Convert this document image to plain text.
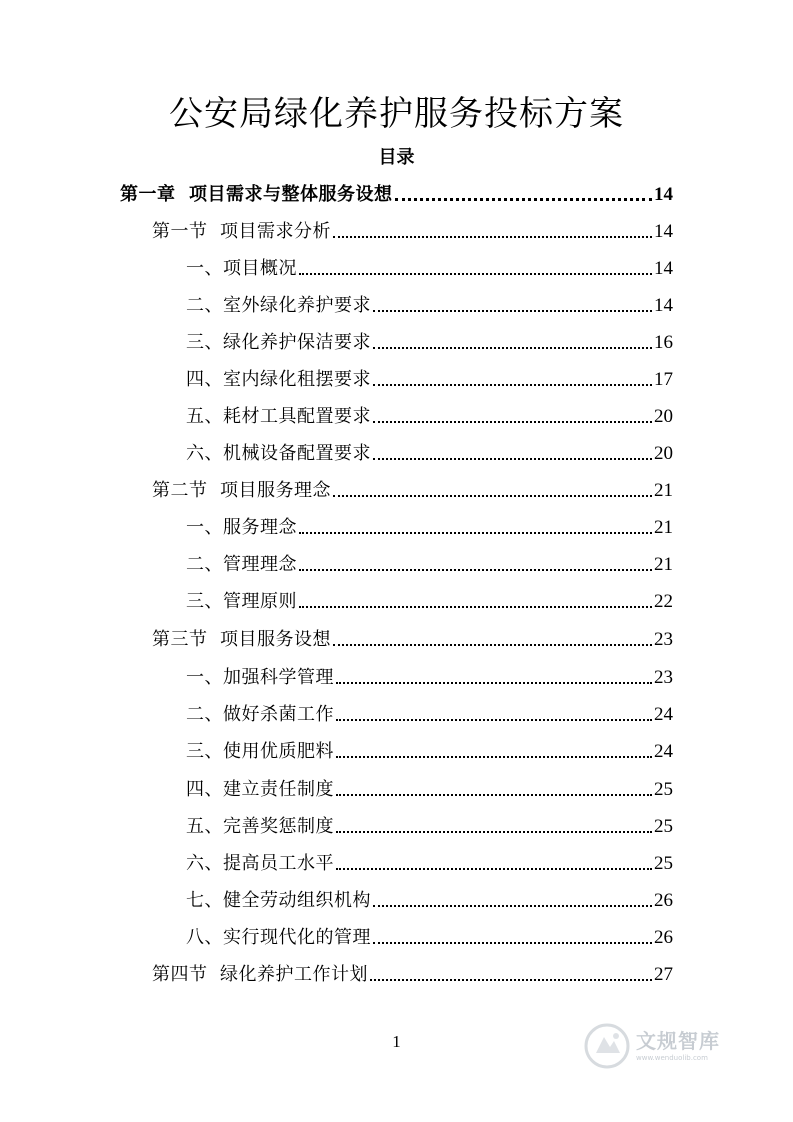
公安局绿化养护服务投标方案
目录
第一章 项目需求与整体服务设想	14
第一节 项目需求分析	14
一、项目概况	14
二、室外绿化养护要求	14
三、绿化养护保洁要求	16
四、室内绿化租摆要求	17
五、耗材工具配置要求	20
六、机械设备配置要求	20
第二节 项目服务理念	21
一、服务理念	21
二、管理理念	21
三、管理原则	22
第三节 项目服务设想	23
一、加强科学管理	23
二、做好杀菌工作	24
三、使用优质肥料	24
四、建立责任制度	25
五、完善奖惩制度	25
六、提高员工水平	25
七、健全劳动组织机构	26
八、实行现代化的管理	26
第四节 绿化养护工作计划	27
1	文规智库
www.wenduolib.com
